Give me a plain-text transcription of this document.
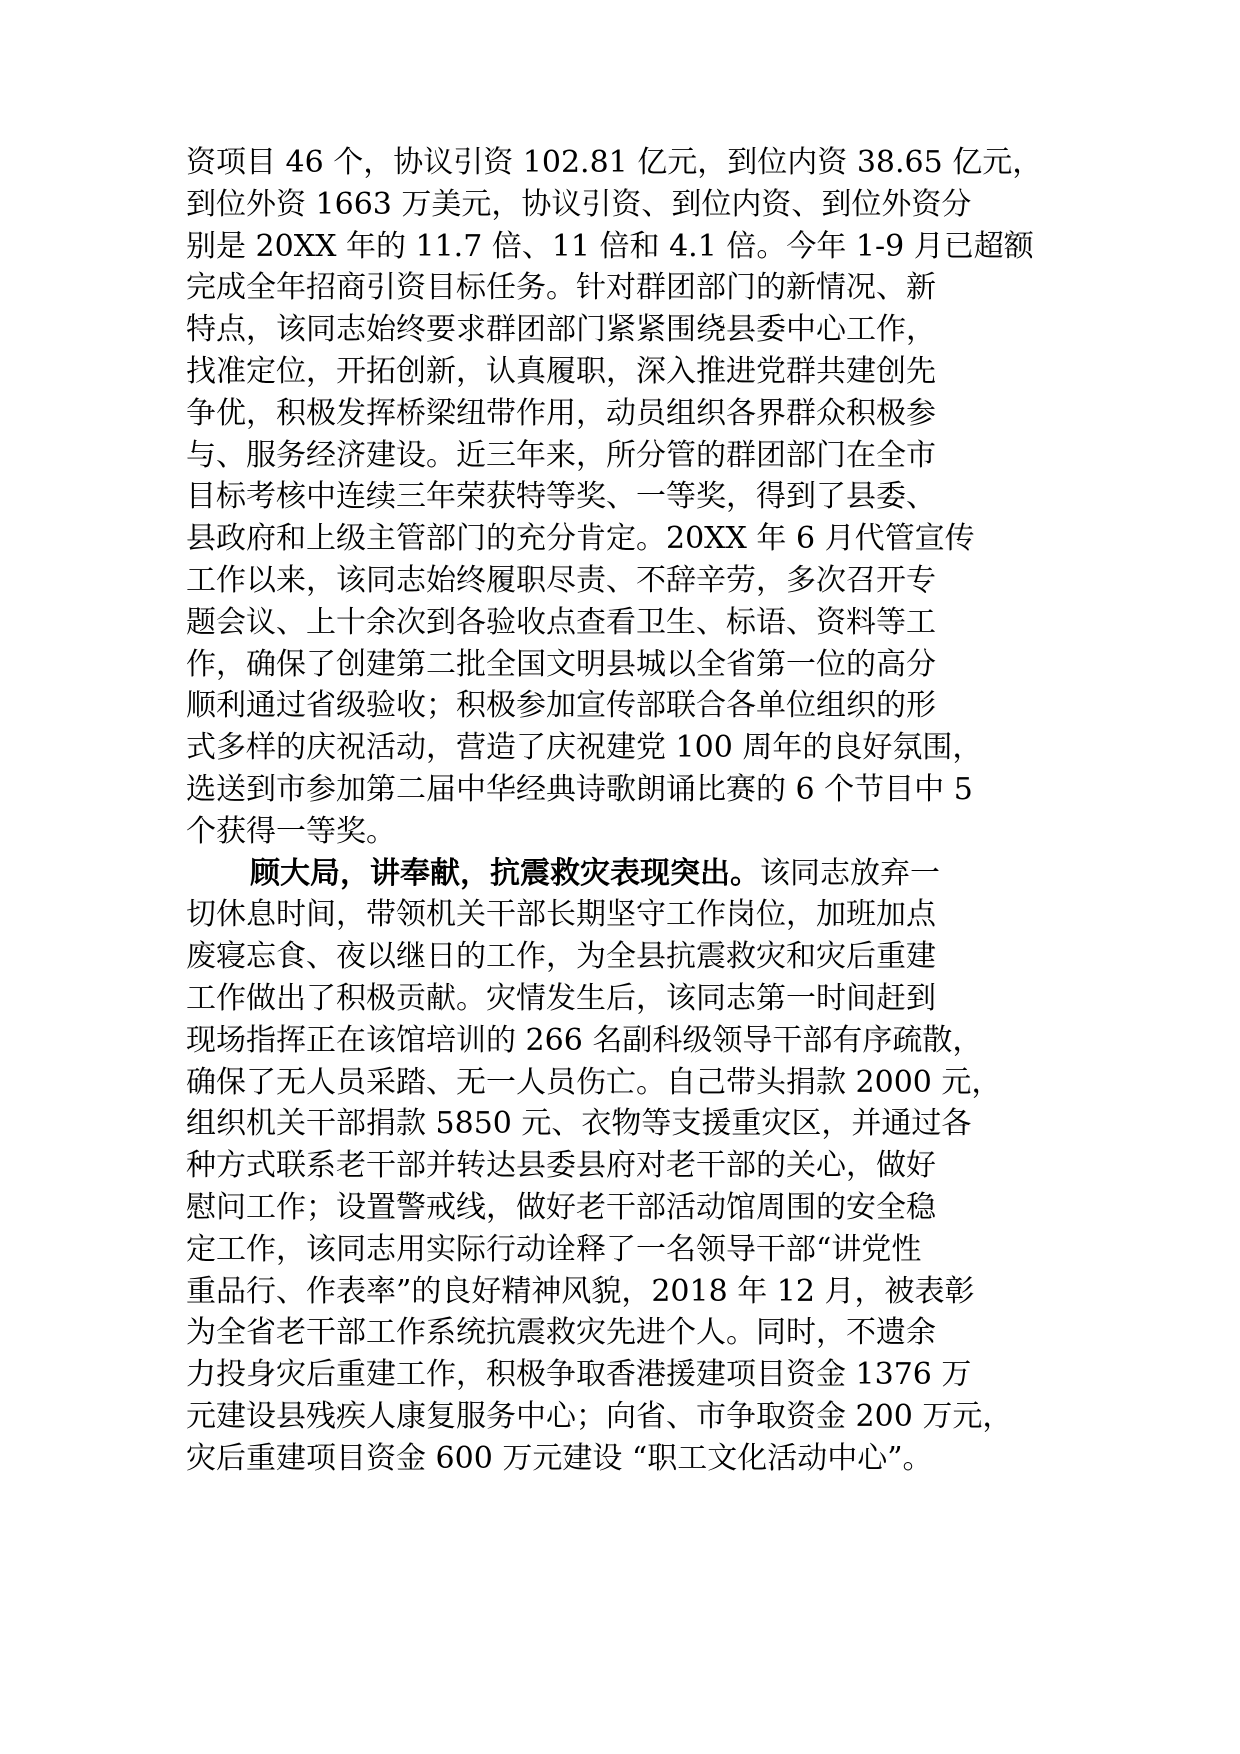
资项目 46 个，协议引资 102.81 亿元，到位内资 38.65 亿元，
到位外资 1663 万美元，协议引资、到位内资、到位外资分
别是 20XX 年的 11.7 倍、11 倍和 4.1 倍。今年 1-9 月已超额
完成全年招商引资目标任务。针对群团部门的新情况、新
特点，该同志始终要求群团部门紧紧围绕县委中心工作，
找准定位，开拓创新，认真履职，深入推进党群共建创先
争优，积极发挥桥梁纽带作用，动员组织各界群众积极参
与、服务经济建设。近三年来，所分管的群团部门在全市
目标考核中连续三年荣获特等奖、一等奖，得到了县委、
县政府和上级主管部门的充分肯定。20XX 年 6 月代管宣传
工作以来，该同志始终履职尽责、不辞辛劳，多次召开专
题会议、上十余次到各验收点查看卫生、标语、资料等工
作，确保了创建第二批全国文明县城以全省第一位的高分
顺利通过省级验收；积极参加宣传部联合各单位组织的形
式多样的庆祝活动，营造了庆祝建党 100 周年的良好氛围，
选送到市参加第二届中华经典诗歌朗诵比赛的 6 个节目中 5
个获得一等奖。
顾大局，讲奉献，抗震救灾表现突出。该同志放弃一
切休息时间，带领机关干部长期坚守工作岗位，加班加点
废寝忘食、夜以继日的工作，为全县抗震救灾和灾后重建
工作做出了积极贡献。灾情发生后，该同志第一时间赶到
现场指挥正在该馆培训的 266 名副科级领导干部有序疏散，
确保了无人员采踏、无一人员伤亡。自己带头捐款 2000 元，
组织机关干部捐款 5850 元、衣物等支援重灾区，并通过各
种方式联系老干部并转达县委县府对老干部的关心，做好
慰问工作；设置警戒线，做好老干部活动馆周围的安全稳
定工作，该同志用实际行动诠释了一名领导干部“讲党性
重品行、作表率”的良好精神风貌，2018 年 12 月，被表彰
为全省老干部工作系统抗震救灾先进个人。同时，不遗余
力投身灾后重建工作，积极争取香港援建项目资金 1376 万
元建设县残疾人康复服务中心；向省、市争取资金 200 万元，
灾后重建项目资金 600 万元建设 “职工文化活动中心”。
